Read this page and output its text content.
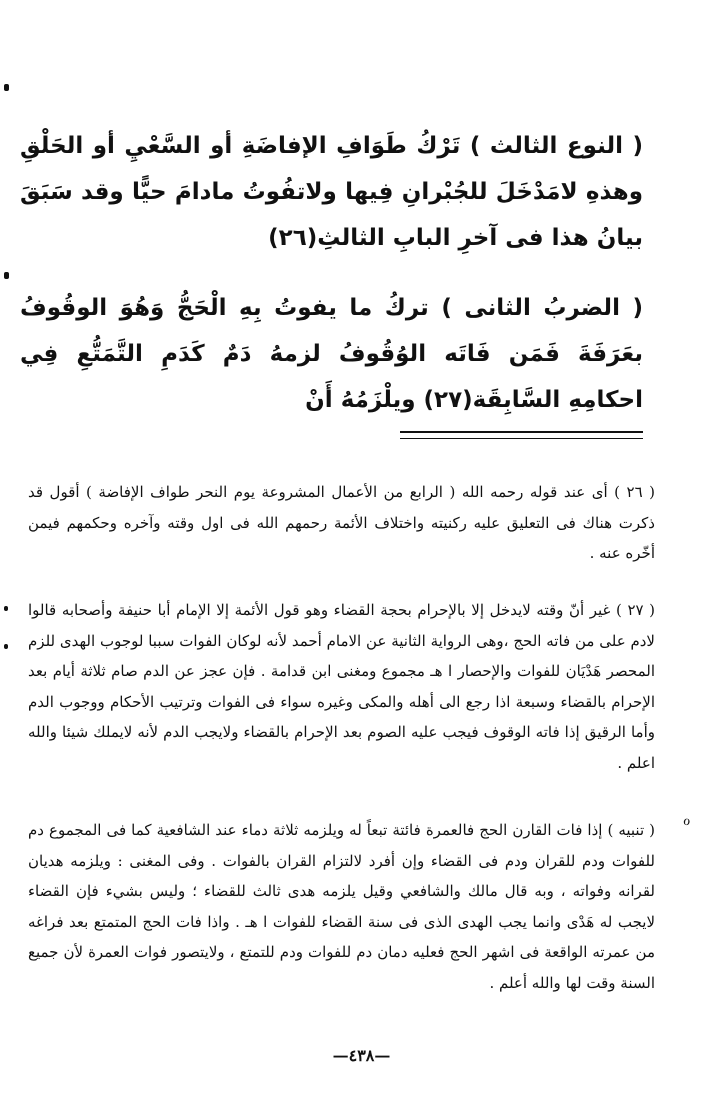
( النوع الثالث ) تَرْكُ طَوَافِ الإفاضَةِ أو السَّعْيِ أو الحَلْقِ وهذهِ لامَدْخَلَ للجُبْرانِ فِيها ولاتفُوتُ مادامَ حيًّا وقد سَبَقَ بيانُ هذا فى آخرِ البابِ الثالثِ(٢٦)

( الضربُ الثانى ) تركُ ما يفوتُ بِهِ الْحَجُّ وَهُوَ الوقُوفُ بعَرَفَةَ فَمَن فَاتَه الوُقُوفُ لزمهُ دَمٌ كَدَمِ التَّمَتُّعِ فِي احكامِهِ السَّابِقَة(٢٧) ويلْزَمُهُ أَنْ

( ٢٦ ) أى عند قوله رحمه الله ( الرابع من الأعمال المشروعة يوم النحر طواف الإفاضة ) أقول قد ذكرت هناك فى التعليق عليه ركنيته واختلاف الأئمة رحمهم الله فى اول وقته وآخره وحكمهم فيمن أخّره عنه .

( ٢٧ ) غير أنّ وقته لايدخل إلا بالإحرام بحجة القضاء وهو قول الأئمة إلا الإمام أبا حنيفة وأصحابه قالوا لادم على من فاته الحج ،وهى الرواية الثانية عن الامام أحمد لأنه لوكان الفوات سببا لوجوب الهدى للزم المحصر هَدْيَان للفوات والإحصار ا هـ مجموع ومغنى ابن قدامة . فإن عجز عن الدم صام ثلاثة أيام بعد الإحرام بالقضاء وسبعة اذا رجع الى أهله والمكى وغيره سواء فى الفوات وترتيب الأحكام ووجوب الدم وأما الرقيق إذا فاته الوقوف فيجب عليه الصوم بعد الإحرام بالقضاء ولايجب الدم لأنه لايملك شيئا والله اعلم .

( تنبيه ) إذا فات القارن الحج فالعمرة فائتة تبعاً له ويلزمه ثلاثة دماء عند الشافعية كما فى المجموع دم للفوات ودم للقران ودم فى القضاء وإن أفرد لالتزام القران بالفوات . وفى المغنى : ويلزمه هديان لقرانه وفواته ، وبه قال مالك والشافعي وقيل يلزمه هدى ثالث للقضاء ؛ وليس بشيء فإن القضاء لايجب له هَدْى وانما يجب الهدى الذى فى سنة القضاء للفوات ا هـ . واذا فات الحج المتمتع بعد فراغه من عمرته الواقعة فى اشهر الحج فعليه دمان دم للفوات ودم للتمتع ، ولايتصور فوات العمرة لأن جميع السنة وقت لها والله أعلم .

ℴ
—٤٣٨—
